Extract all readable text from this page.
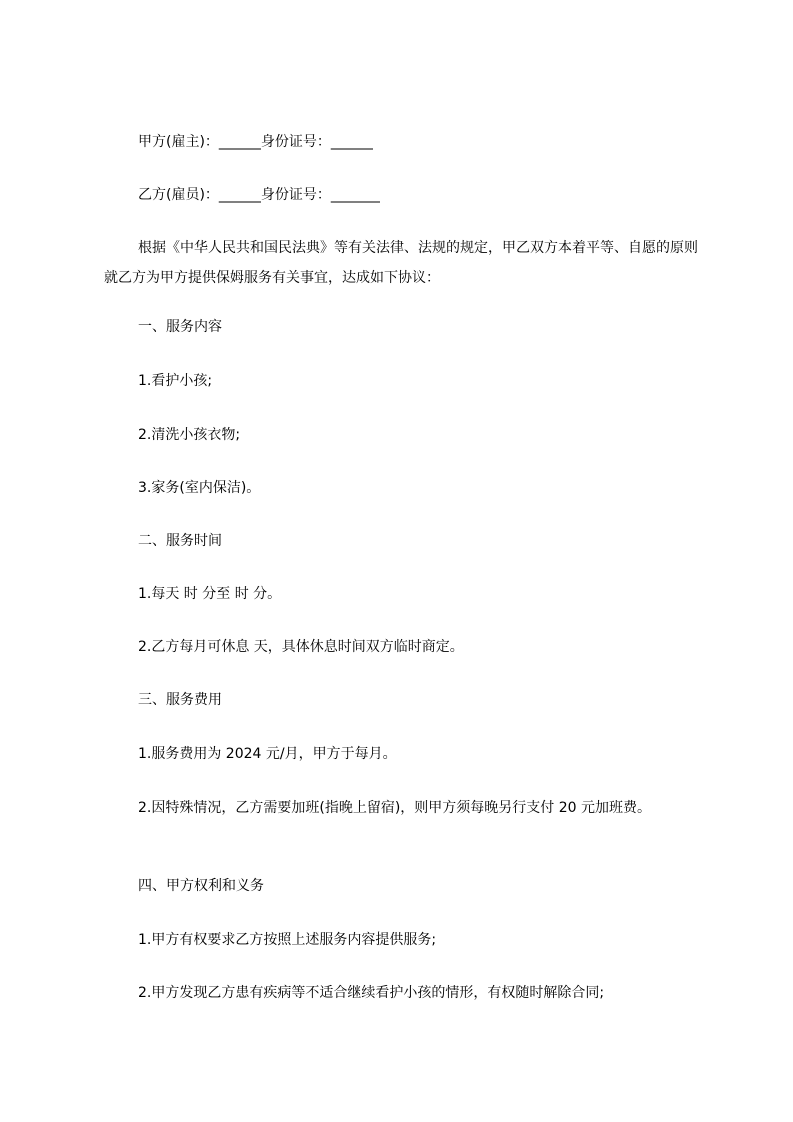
甲方(雇主)：______身份证号：______
乙方(雇员)：______身份证号：_______
根据《中华人民共和国民法典》等有关法律、法规的规定，甲乙双方本着平等、自愿的原则就乙方为甲方提供保姆服务有关事宜，达成如下协议：
一、服务内容
1.看护小孩;
2.清洗小孩衣物;
3.家务(室内保洁)。
二、服务时间
1.每天 时 分至 时 分。
2.乙方每月可休息 天，具体休息时间双方临时商定。
三、服务费用
1.服务费用为 2024 元/月，甲方于每月。
2.因特殊情况，乙方需要加班(指晚上留宿)，则甲方须每晚另行支付 20 元加班费。
四、甲方权利和义务
1.甲方有权要求乙方按照上述服务内容提供服务;
2.甲方发现乙方患有疾病等不适合继续看护小孩的情形，有权随时解除合同;
